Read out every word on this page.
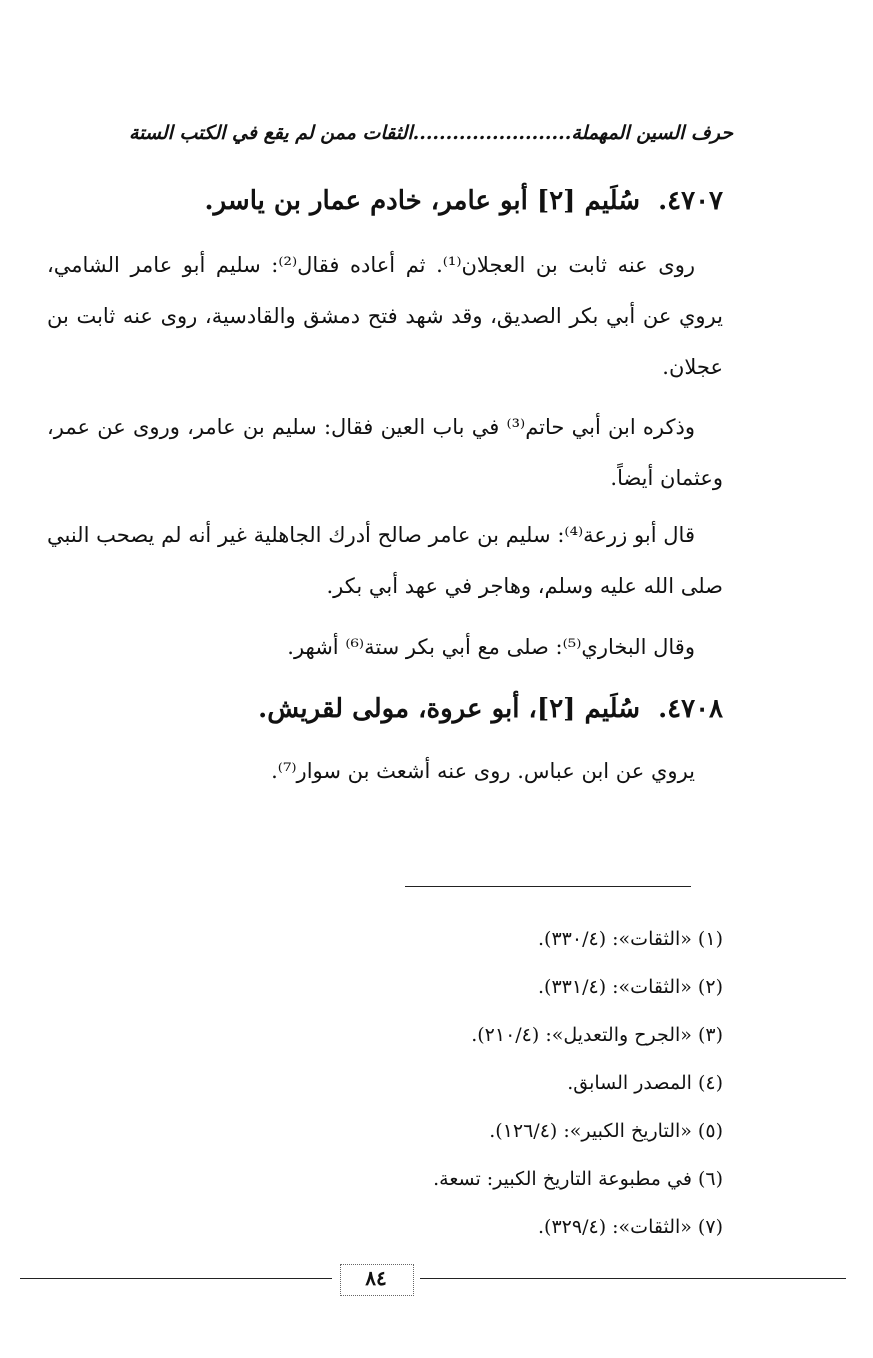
حرف السين المهملة........................الثقات ممن لم يقع في الكتب الستة
٤٧٠٧.سُلَيم [٢] أبو عامر، خادم عمار بن ياسر.

روى عنه ثابت بن العجلان⁽¹⁾. ثم أعاده فقال⁽²⁾: سليم أبو عامر الشامي، يروي عن أبي بكر الصديق، وقد شهد فتح دمشق والقادسية، روى عنه ثابت بن عجلان.

وذكره ابن أبي حاتم⁽³⁾ في باب العين فقال: سليم بن عامر، وروى عن عمر، وعثمان أيضاً.

قال أبو زرعة⁽⁴⁾: سليم بن عامر صالح أدرك الجاهلية غير أنه لم يصحب النبي صلى الله عليه وسلم، وهاجر في عهد أبي بكر.

وقال البخاري⁽⁵⁾: صلى مع أبي بكر ستة⁽⁶⁾ أشهر.

٤٧٠٨.سُلَيم [٢]، أبو عروة، مولى لقريش.

يروي عن ابن عباس. روى عنه أشعث بن سوار⁽⁷⁾.

(١) «الثقات»: (٣٣٠/٤).
(٢) «الثقات»: (٣٣١/٤).
(٣) «الجرح والتعديل»: (٢١٠/٤).
(٤) المصدر السابق.
(٥) «التاريخ الكبير»: (١٢٦/٤).
(٦) في مطبوعة التاريخ الكبير: تسعة.
(٧) «الثقات»: (٣٢٩/٤).
٨٤
